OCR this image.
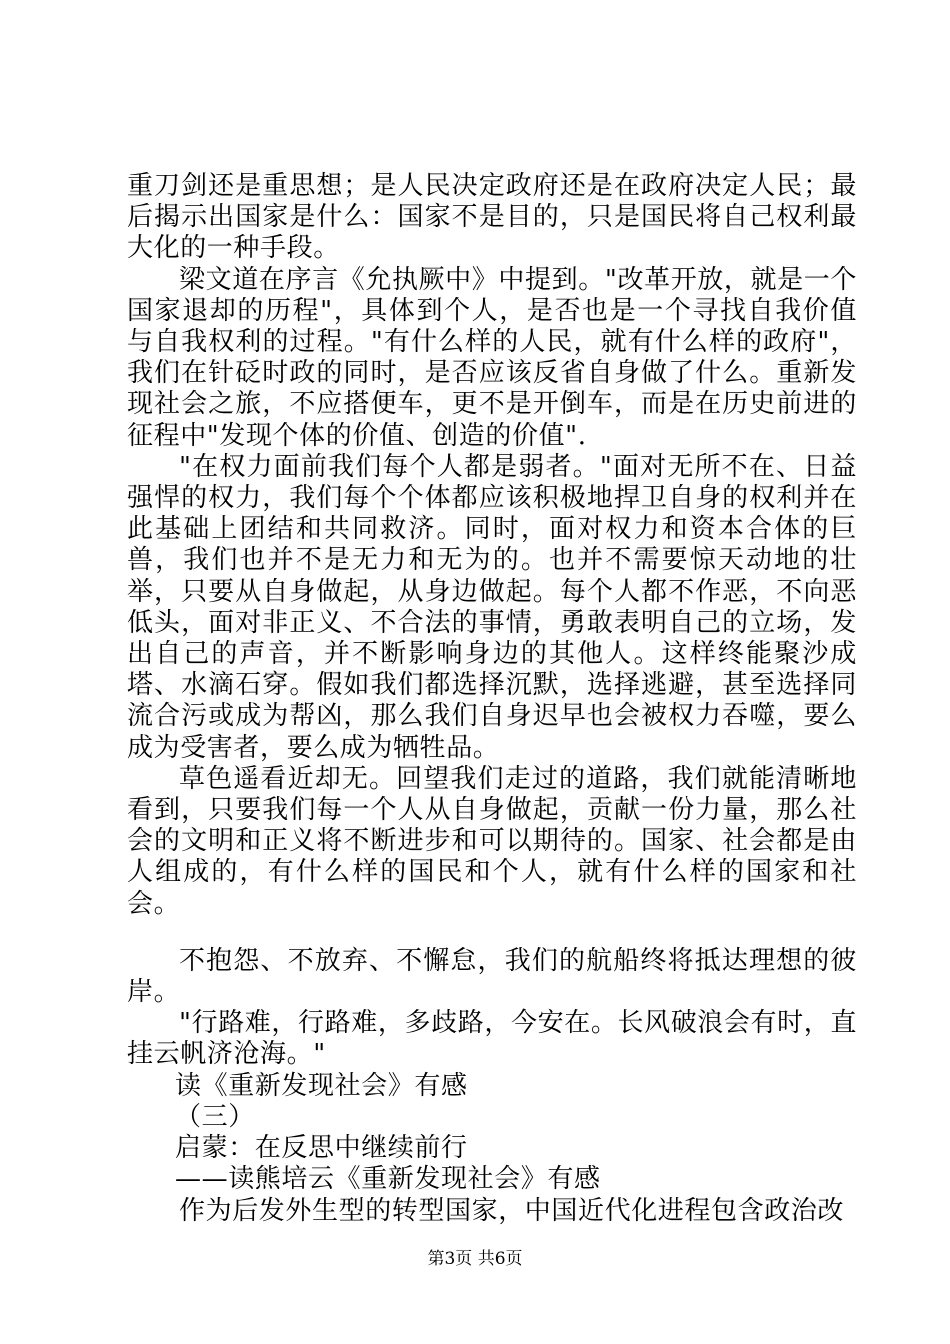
重刀剑还是重思想；是人民决定政府还是在政府决定人民；最后揭示出国家是什么：国家不是目的，只是国民将自己权利最大化的一种手段。

梁文道在序言《允执厥中》中提到。"改革开放，就是一个国家退却的历程"，具体到个人，是否也是一个寻找自我价值与自我权利的过程。"有什么样的人民，就有什么样的政府"，我们在针砭时政的同时，是否应该反省自身做了什么。重新发现社会之旅，不应搭便车，更不是开倒车，而是在历史前进的征程中"发现个体的价值、创造的价值".

"在权力面前我们每个人都是弱者。"面对无所不在、日益强悍的权力，我们每个个体都应该积极地捍卫自身的权利并在此基础上团结和共同救济。同时，面对权力和资本合体的巨兽，我们也并不是无力和无为的。也并不需要惊天动地的壮举，只要从自身做起，从身边做起。每个人都不作恶，不向恶低头，面对非正义、不合法的事情，勇敢表明自己的立场，发出自己的声音，并不断影响身边的其他人。这样终能聚沙成塔、水滴石穿。假如我们都选择沉默，选择逃避，甚至选择同流合污或成为帮凶，那么我们自身迟早也会被权力吞噬，要么成为受害者，要么成为牺牲品。

草色遥看近却无。回望我们走过的道路，我们就能清晰地看到，只要我们每一个人从自身做起，贡献一份力量，那么社会的文明和正义将不断进步和可以期待的。国家、社会都是由人组成的，有什么样的国民和个人，就有什么样的国家和社会。

不抱怨、不放弃、不懈怠，我们的航船终将抵达理想的彼岸。

"行路难，行路难，多歧路，今安在。长风破浪会有时，直挂云帆济沧海。"

读《重新发现社会》有感

（三）

启蒙：在反思中继续前行

——读熊培云《重新发现社会》有感

作为后发外生型的转型国家，中国近代化进程包含政治改

第3页 共6页
